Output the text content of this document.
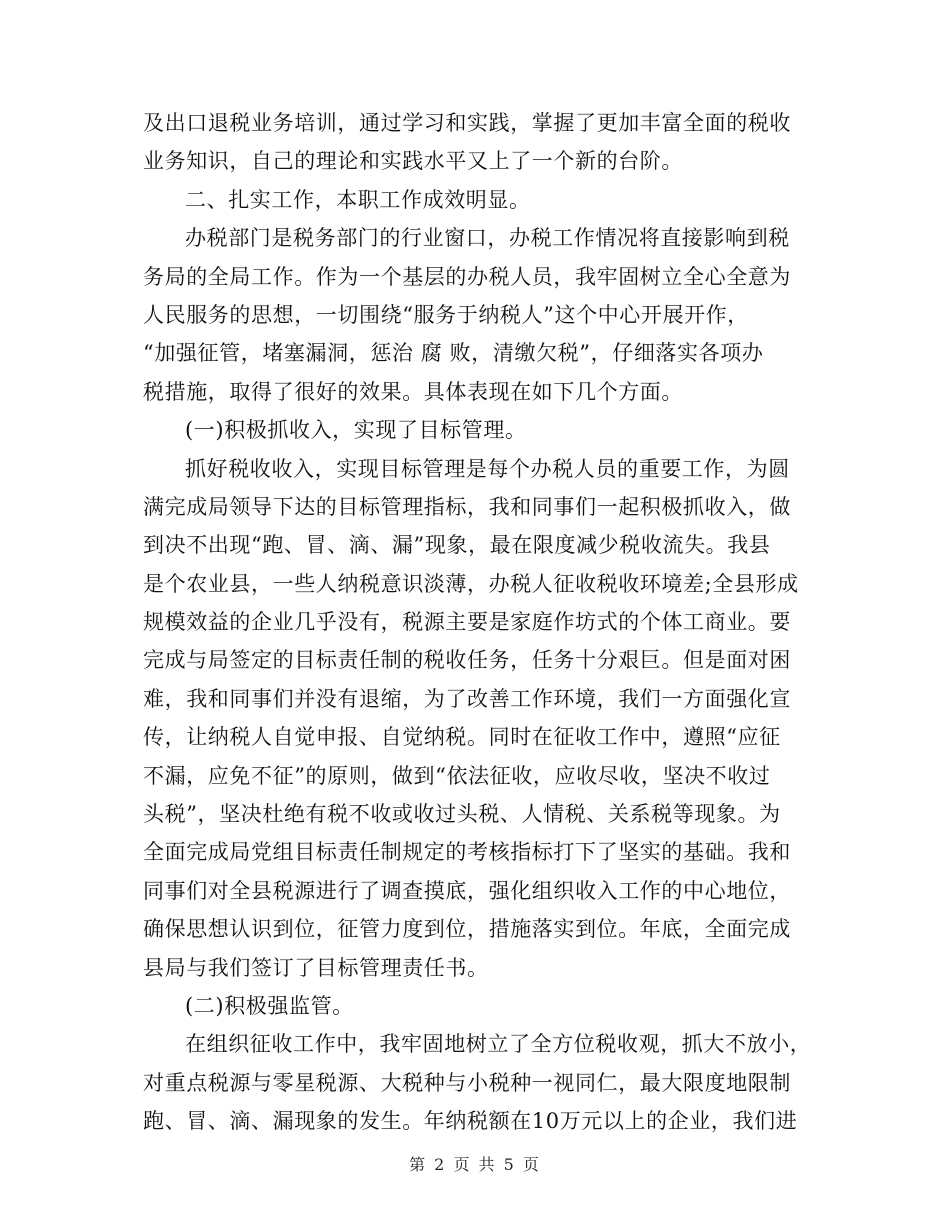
及出口退税业务培训，通过学习和实践，掌握了更加丰富全面的税收
业务知识，自己的理论和实践水平又上了一个新的台阶。
二、扎实工作，本职工作成效明显。
办税部门是税务部门的行业窗口，办税工作情况将直接影响到税
务局的全局工作。作为一个基层的办税人员，我牢固树立全心全意为
人民服务的思想，一切围绕“服务于纳税人”这个中心开展开作，
“加强征管，堵塞漏洞，惩治 腐 败，清缴欠税”，仔细落实各项办
税措施，取得了很好的效果。具体表现在如下几个方面。
(一)积极抓收入，实现了目标管理。
抓好税收收入，实现目标管理是每个办税人员的重要工作，为圆
满完成局领导下达的目标管理指标，我和同事们一起积极抓收入，做
到决不出现“跑、冒、滴、漏”现象，最在限度减少税收流失。我县
是个农业县，一些人纳税意识淡薄，办税人征收税收环境差;全县形成
规模效益的企业几乎没有，税源主要是家庭作坊式的个体工商业。要
完成与局签定的目标责任制的税收任务，任务十分艰巨。但是面对困
难，我和同事们并没有退缩，为了改善工作环境，我们一方面强化宣
传，让纳税人自觉申报、自觉纳税。同时在征收工作中，遵照“应征
不漏，应免不征”的原则，做到“依法征收，应收尽收，坚决不收过
头税”，坚决杜绝有税不收或收过头税、人情税、关系税等现象。为
全面完成局党组目标责任制规定的考核指标打下了坚实的基础。我和
同事们对全县税源进行了调查摸底，强化组织收入工作的中心地位，
确保思想认识到位，征管力度到位，措施落实到位。年底，全面完成
县局与我们签订了目标管理责任书。
(二)积极强监管。
在组织征收工作中，我牢固地树立了全方位税收观，抓大不放小，
对重点税源与零星税源、大税种与小税种一视同仁，最大限度地限制
跑、冒、滴、漏现象的发生。年纳税额在10万元以上的企业，我们进
第 2 页 共 5 页
